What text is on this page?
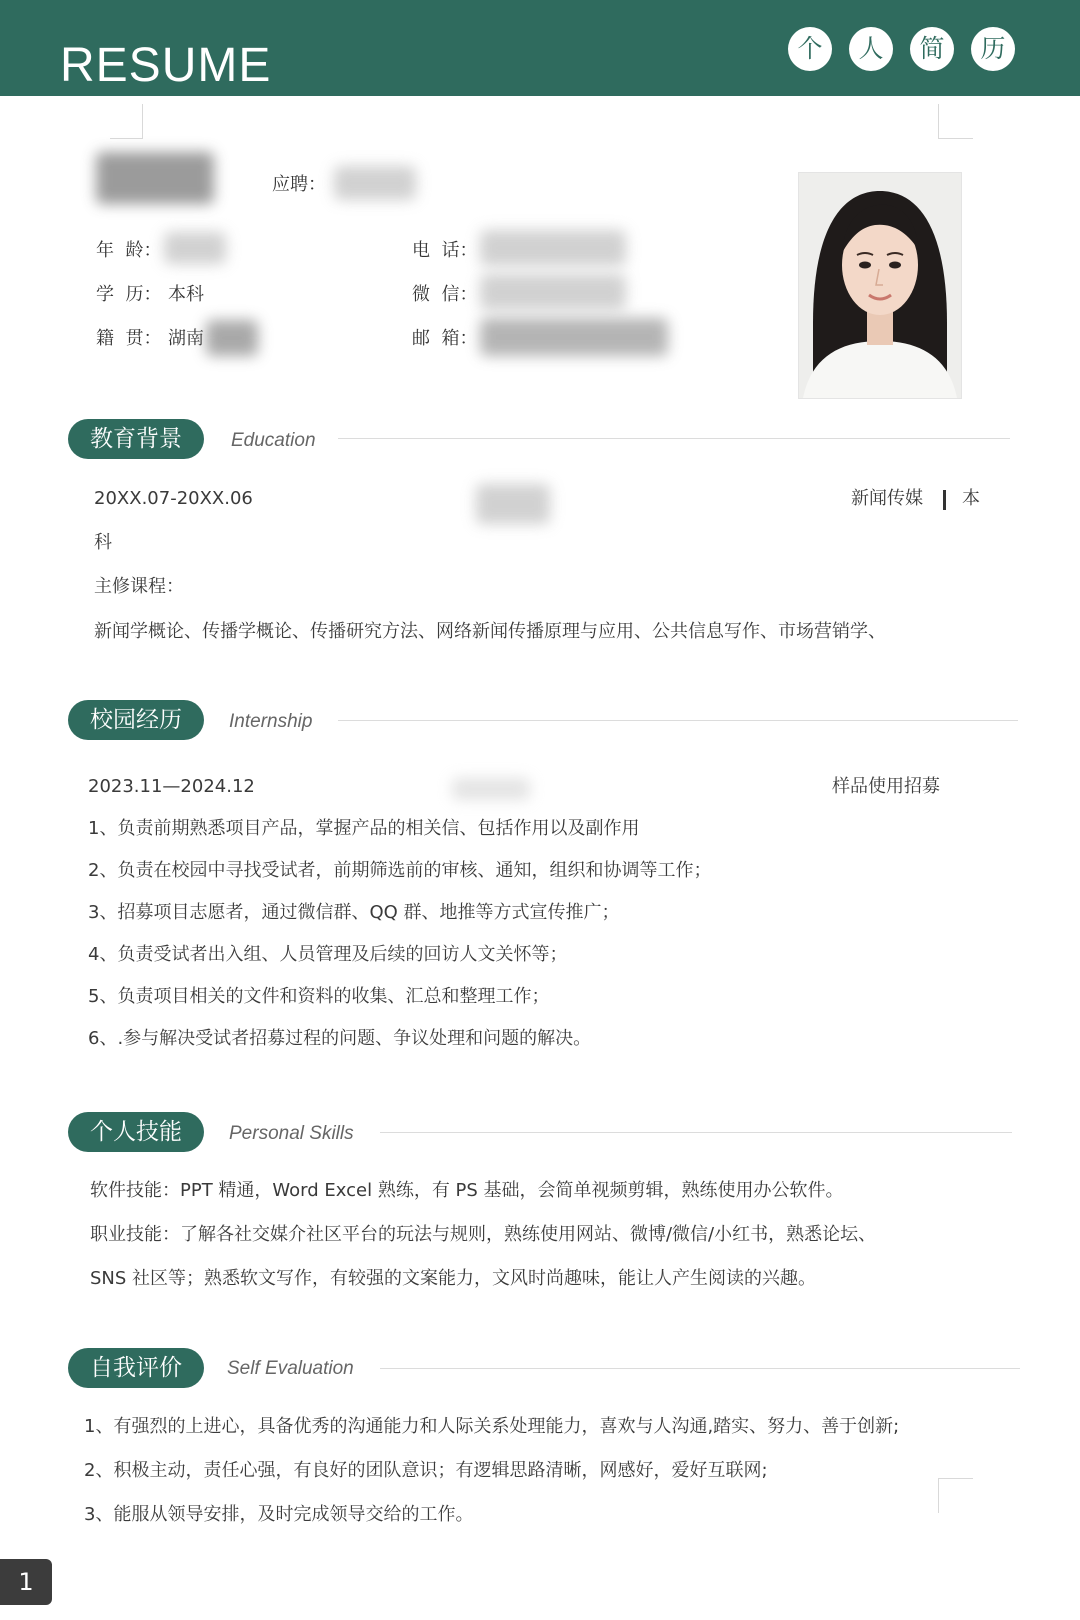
RESUME	个	人	简	历
应聘：
年  龄：
学  历： 本科
籍  贯： 湖南
电  话：
微  信：
邮  箱：
教育背景	Education
20XX.07-20XX.06	新闻传媒 本
科
主修课程：
新闻学概论、传播学概论、传播研究方法、网络新闻传播原理与应用、公共信息写作、市场营销学、
校园经历	Internship
2023.11—2024.12	样品使用招募
1、负责前期熟悉项目产品，掌握产品的相关信、包括作用以及副作用
2、负责在校园中寻找受试者，前期筛选前的审核、通知，组织和协调等工作；
3、招募项目志愿者，通过微信群、QQ 群、地推等方式宣传推广；
4、负责受试者出入组、人员管理及后续的回访人文关怀等；
5、负责项目相关的文件和资料的收集、汇总和整理工作；
6、.参与解决受试者招募过程的问题、争议处理和问题的解决。
个人技能	Personal Skills
软件技能：PPT 精通，Word Excel 熟练，有 PS 基础，会简单视频剪辑，熟练使用办公软件。
职业技能：了解各社交媒介社区平台的玩法与规则，熟练使用网站、微博/微信/小红书，熟悉论坛、
SNS 社区等；熟悉软文写作，有较强的文案能力，文风时尚趣味，能让人产生阅读的兴趣。
自我评价	Self Evaluation
1、有强烈的上进心，具备优秀的沟通能力和人际关系处理能力，喜欢与人沟通,踏实、努力、善于创新;
2、积极主动，责任心强，有良好的团队意识；有逻辑思路清晰，网感好，爱好互联网;
3、能服从领导安排，及时完成领导交给的工作。
1
